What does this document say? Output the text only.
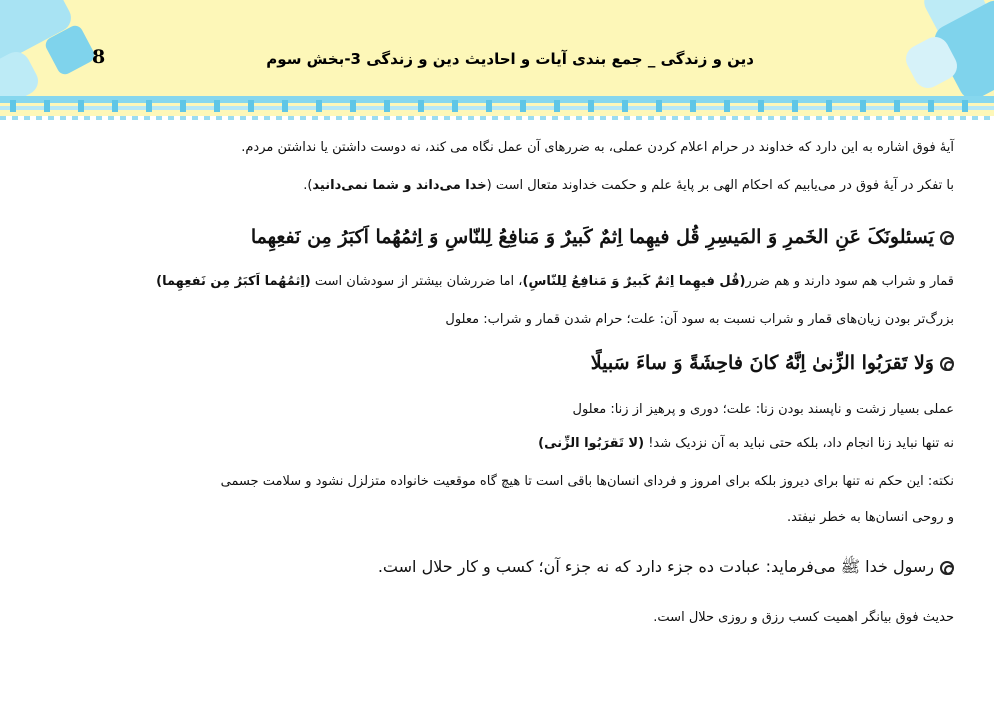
8	دین و زندگی _ جمع بندی آیات و احادیث دین و زندگی 3-بخش سوم
آیهٔ فوق اشاره به این دارد که خداوند در حرام اعلام کردن عملی، به ضررهای آن عمل نگاه می کند، نه دوست داشتن یا نداشتن مردم.
با تفکر در آیهٔ فوق در می‌یابیم که احکام الهی بر پایهٔ علم و حکمت خداوند متعال است (خدا می‌داند و شما نمی‌دانید).
یَسئلونَکَ عَنِ الخَمرِ وَ المَیسِرِ قُل فیهِما اِثمٌ کَبیرٌ وَ مَنافِعُ لِلنّاسِ وَ اِثمُهُما اَکبَرُ مِن نَفعِهِما
قمار و شراب هم سود دارند و هم ضرر(قُل فیهِما اِثمٌ کَبیرٌ وَ مَنافِعُ لِلنّاسِ)، اما ضررشان بیشتر از سودشان است (اِثمُهُما اَکبَرُ مِن نَفعِهِما)
بزرگ‌تر بودن زیان‌های قمار و شراب نسبت به سود آن: علت؛ حرام شدن قمار و شراب: معلول
وَلا تَقرَبُوا الزِّنیٰ اِنَّهُ کانَ فاحِشَةً وَ ساءَ سَبیلًا
عملی بسیار زشت و ناپسند بودن زنا: علت؛ دوری و پرهیز از زنا: معلول
نه تنها نباید زنا انجام داد، بلکه حتی نباید به آن نزدیک شد! (لا تَقرَبُوا الزِّنی)
نکته: این حکم نه تنها برای دیروز بلکه برای امروز و فردای انسان‌ها باقی است تا هیچ گاه موقعیت خانواده متزلزل نشود و سلامت جسمی
و روحی انسان‌ها به خطر نیفتد.
رسول خدا ﷺ می‌فرماید: عبادت ده جزء دارد که نه جزء آن؛ کسب و کار حلال است.
حدیث فوق بیانگر اهمیت کسب رزق و روزی حلال است.
